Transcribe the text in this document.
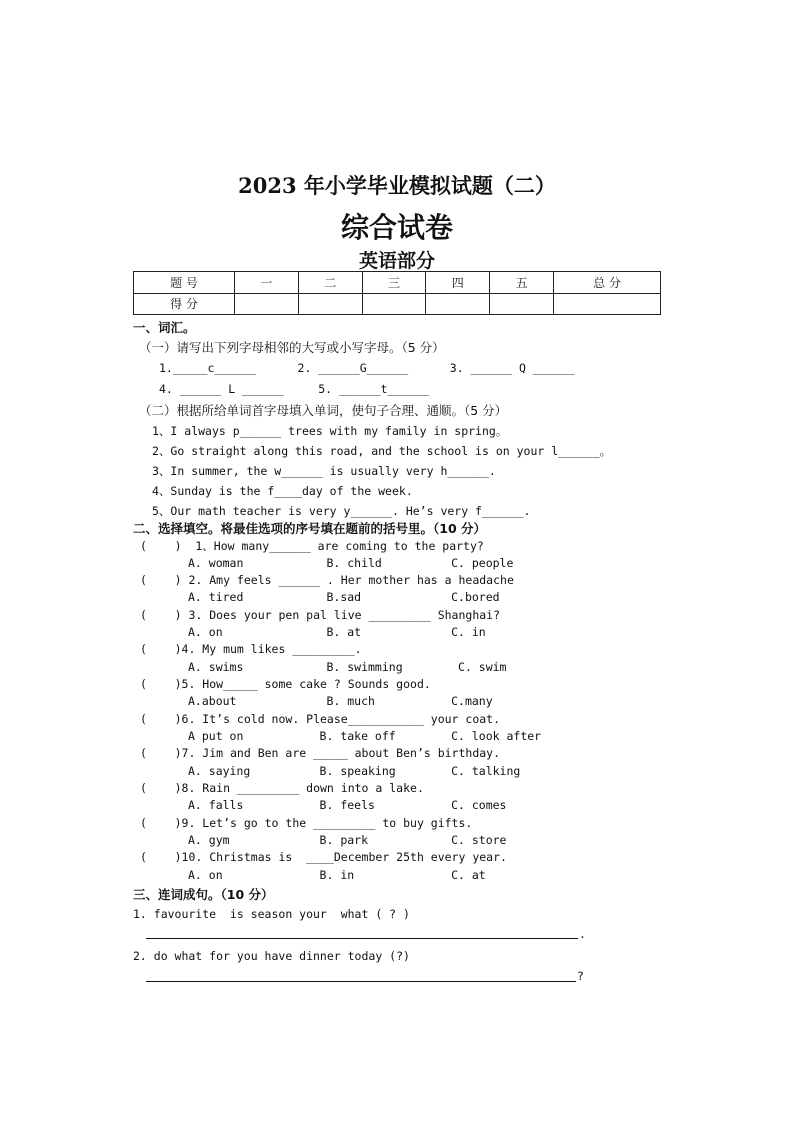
2023 年小学毕业模拟试题（二）
综合试卷
英语部分
题 号	一	二	三	四	五	总 分
得 分						
一、词汇。
（一）请写出下列字母相邻的大写或小写字母。（5 分）
1._____c______      2. ______G______      3. ______ Q ______
4. ______ L ______     5. ______t______
（二）根据所给单词首字母填入单词，使句子合理、通顺。（5 分）
1、I always p______ trees with my family in spring。
2、Go straight along this road, and the school is on your l______。
3、In summer, the w______ is usually very h______.
4、Sunday is the f____day of the week.
5、Our math teacher is very y______. He’s very f______.
二、选择填空。将最佳选项的序号填在题前的括号里。（10 分）
(    )  1、How many______ are coming to the party?
A. woman            B. child          C. people
(    ) 2. Amy feels ______ . Her mother has a headache
A. tired            B.sad             C.bored
(    ) 3. Does your pen pal live _________ Shanghai?
A. on               B. at             C. in
(    )4. My mum likes _________.
A. swims            B. swimming        C. swim
(    )5. How_____ some cake ? Sounds good.
A.about             B. much           C.many
(    )6. It’s cold now. Please___________ your coat.
A put on           B. take off        C. look after
(    )7. Jim and Ben are _____ about Ben’s birthday.
A. saying          B. speaking        C. talking
(    )8. Rain _________ down into a lake.
A. falls           B. feels           C. comes
(    )9. Let’s go to the _________ to buy gifts.
A. gym             B. park            C. store
(    )10. Christmas is  ____December 25th every year.
A. on              B. in              C. at
三、连词成句。（10 分）
1. favourite  is season your  what ( ? )
.
2. do what for you have dinner today (?)
?
